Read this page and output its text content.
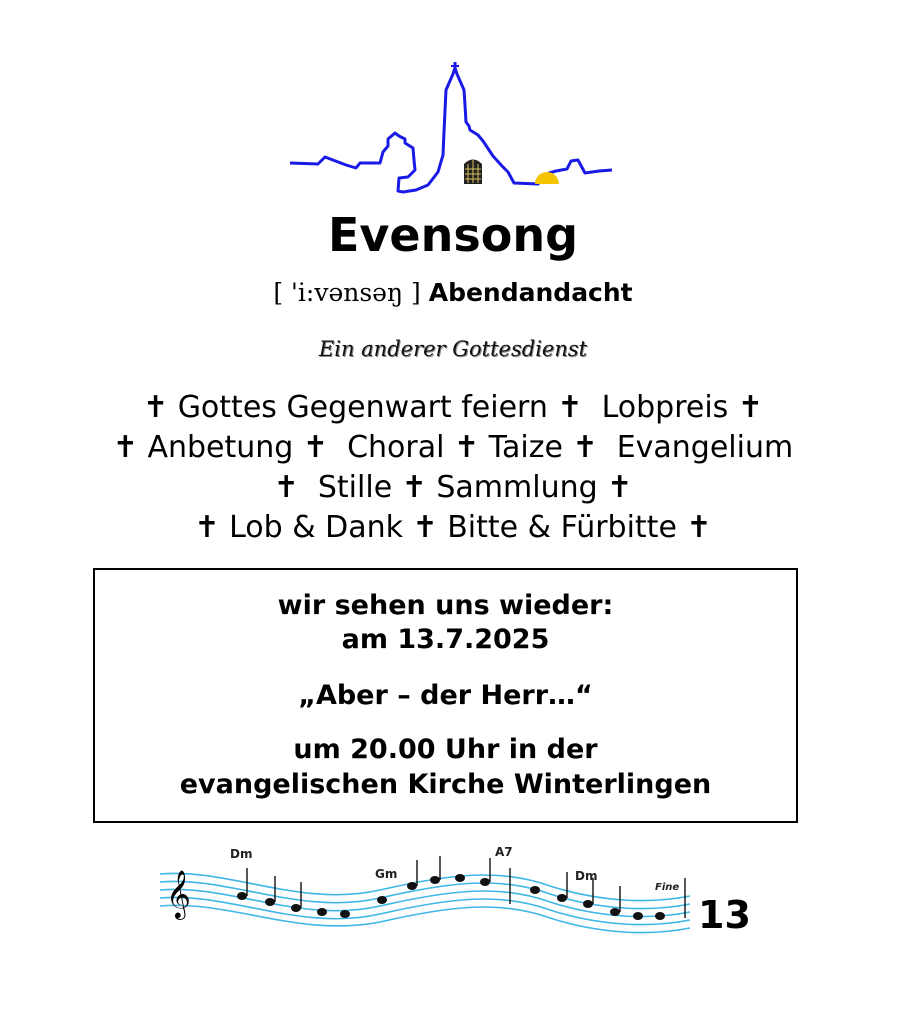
Evensong
[ 'i:vənsəŋ ] Abendandacht
Ein anderer Gottesdienst
✝ Gottes Gegenwart feiern ✝  Lobpreis ✝
✝ Anbetung ✝  Choral ✝ Taize ✝  Evangelium
✝  Stille ✝ Sammlung ✝
✝ Lob & Dank ✝ Bitte & Fürbitte ✝
wir sehen uns wieder:
am 13.7.2025
„Aber – der Herr…“
um 20.00 Uhr in der
evangelischen Kirche Winterlingen
𝄞
Dm
Gm
A7
Dm
Fine
13
